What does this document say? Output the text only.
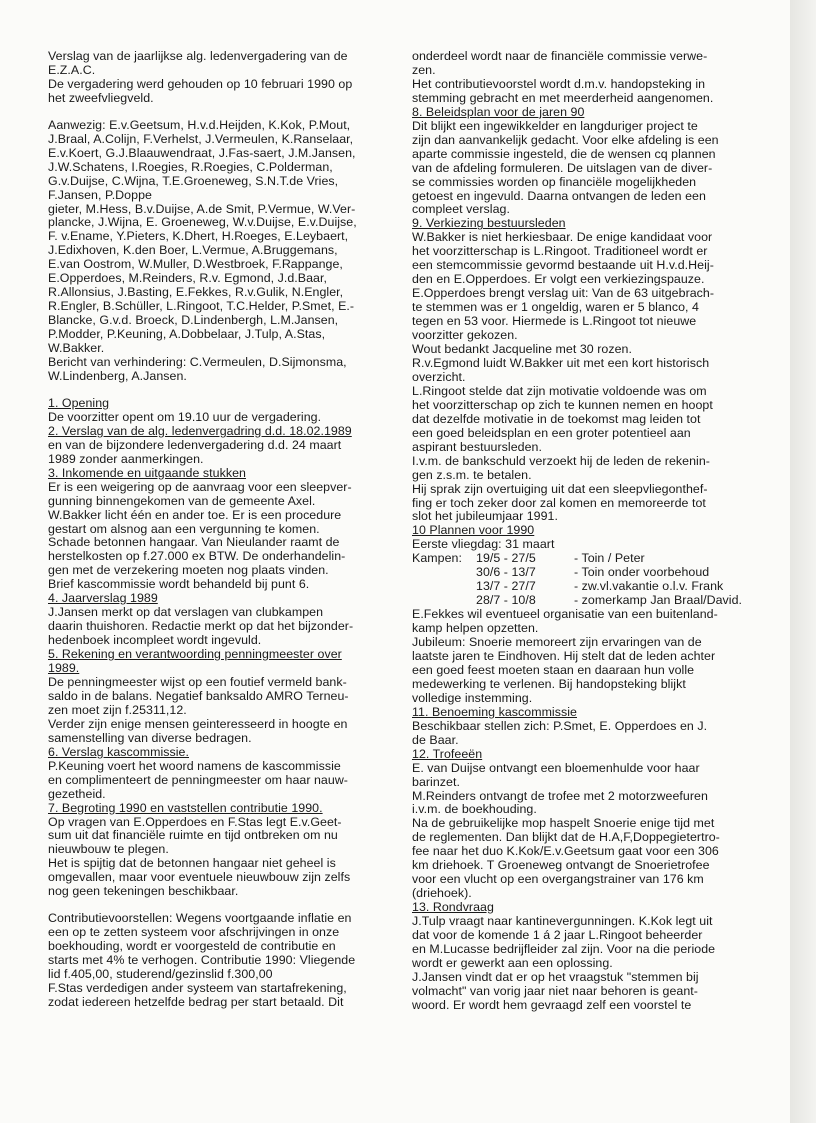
Verslag van de jaarlijkse alg. ledenvergadering van de

E.Z.A.C.

De vergadering werd gehouden op 10 februari 1990 op

het zweefvliegveld.

Aanwezig: E.v.Geetsum, H.v.d.Heijden, K.Kok, P.Mout,

J.Braal, A.Colijn, F.Verhelst, J.Vermeulen, K.Ranselaar,

E.v.Koert, G.J.Blaauwendraat, J.Fas-saert, J.M.Jansen,

J.W.Schatens, I.Roegies, R.Roegies, C.Polderman,

G.v.Duijse, C.Wijna, T.E.Groeneweg, S.N.T.de Vries,

F.Jansen, P.Doppe

gieter, M.Hess, B.v.Duijse, A.de Smit, P.Vermue, W.Ver-

plancke, J.Wijna, E. Groeneweg, W.v.Duijse, E.v.Duijse,

F. v.Ename, Y.Pieters, K.Dhert, H.Roeges, E.Leybaert,

J.Edixhoven, K.den Boer, L.Vermue, A.Bruggemans,

E.van Oostrom, W.Muller, D.Westbroek, F.Rappange,

E.Opperdoes, M.Reinders, R.v. Egmond, J.d.Baar,

R.Allonsius, J.Basting, E.Fekkes, R.v.Gulik, N.Engler,

R.Engler, B.Schüller, L.Ringoot, T.C.Helder, P.Smet, E.-

Blancke, G.v.d. Broeck, D.Lindenbergh, L.M.Jansen,

P.Modder, P.Keuning, A.Dobbelaar, J.Tulp, A.Stas,

W.Bakker.

Bericht van verhindering: C.Vermeulen, D.Sijmonsma,

W.Lindenberg, A.Jansen.

1. Opening

De voorzitter opent om 19.10 uur de vergadering.

2. Verslag van de alg. ledenvergadring d.d. 18.02.1989

en van de bijzondere ledenvergadering d.d. 24 maart

1989 zonder aanmerkingen.

3. Inkomende en uitgaande stukken

Er is een weigering op de aanvraag voor een sleepver-

gunning binnengekomen van de gemeente Axel.

W.Bakker licht één en ander toe. Er is een procedure

gestart om alsnog aan een vergunning te komen.

Schade betonnen hangaar. Van Nieulander raamt de

herstelkosten op f.27.000 ex BTW. De onderhandelin-

gen met de verzekering moeten nog plaats vinden.

Brief kascommissie wordt behandeld bij punt 6.

4. Jaarverslag 1989

J.Jansen merkt op dat verslagen van clubkampen

daarin thuishoren. Redactie merkt op dat het bijzonder-

hedenboek incompleet wordt ingevuld.

5. Rekening en verantwoording penningmeester over

1989.

De penningmeester wijst op een foutief vermeld bank-

saldo in de balans. Negatief banksaldo AMRO Terneu-

zen moet zijn f.25311,12.

Verder zijn enige mensen geinteresseerd in hoogte en

samenstelling van diverse bedragen.

6. Verslag kascommissie.

P.Keuning voert het woord namens de kascommissie

en complimenteert de penningmeester om haar nauw-

gezetheid.

7. Begroting 1990 en vaststellen contributie 1990.

Op vragen van E.Opperdoes en F.Stas legt E.v.Geet-

sum uit dat financiële ruimte en tijd ontbreken om nu

nieuwbouw te plegen.

Het is spijtig dat de betonnen hangaar niet geheel is

omgevallen, maar voor eventuele nieuwbouw zijn zelfs

nog geen tekeningen beschikbaar.

Contributievoorstellen: Wegens voortgaande inflatie en

een op te zetten systeem voor afschrijvingen in onze

boekhouding, wordt er voorgesteld de contributie en

starts met 4% te verhogen. Contributie 1990: Vliegende

lid f.405,00, studerend/gezinslid f.300,00

F.Stas verdedigen ander systeem van startafrekening,

zodat iedereen hetzelfde bedrag per start betaald. Dit

onderdeel wordt naar de financiële commissie verwe-

zen.

Het contributievoorstel wordt d.m.v. handopsteking in

stemming gebracht en met meerderheid aangenomen.

8. Beleidsplan voor de jaren 90

Dit blijkt een ingewikkelder en langduriger project te

zijn dan aanvankelijk gedacht. Voor elke afdeling is een

aparte commissie ingesteld, die de wensen cq plannen

van de afdeling formuleren. De uitslagen van de diver-

se commissies worden op financiële mogelijkheden

getoest en ingevuld. Daarna ontvangen de leden een

compleet verslag.

9. Verkiezing bestuursleden

W.Bakker is niet herkiesbaar. De enige kandidaat voor

het voorzitterschap is L.Ringoot. Traditioneel wordt er

een stemcommissie gevormd bestaande uit H.v.d.Heij-

den en E.Opperdoes. Er volgt een verkiezingspauze.

E.Opperdoes brengt verslag uit: Van de 63 uitgebrach-

te stemmen was er 1 ongeldig, waren er 5 blanco, 4

tegen en 53 voor. Hiermede is L.Ringoot tot nieuwe

voorzitter gekozen.

Wout bedankt Jacqueline met 30 rozen.

R.v.Egmond luidt W.Bakker uit met een kort historisch

overzicht.

L.Ringoot stelde dat zijn motivatie voldoende was om

het voorzitterschap op zich te kunnen nemen en hoopt

dat dezelfde motivatie in de toekomst mag leiden tot

een goed beleidsplan en een groter potentieel aan

aspirant bestuursleden.

I.v.m. de bankschuld verzoekt hij de leden de rekenin-

gen z.s.m. te betalen.

Hij sprak zijn overtuiging uit dat een sleepvliegonthef-

fing er toch zeker door zal komen en memoreerde tot

slot het jubileumjaar 1991.

10 Plannen voor 1990

Eerste vliegdag: 31 maart

Kampen:	19/5 - 27/5	- Toin / Peter
30/6 - 13/7	- Toin onder voorbehoud
13/7 - 27/7	- zw.vl.vakantie o.l.v. Frank
28/7 - 10/8	- zomerkamp Jan Braal/David.

E.Fekkes wil eventueel organisatie van een buitenland-

kamp helpen opzetten.

Jubileum: Snoerie memoreert zijn ervaringen van de

laatste jaren te Eindhoven. Hij stelt dat de leden achter

een goed feest moeten staan en daaraan hun volle

medewerking te verlenen. Bij handopsteking blijkt

volledige instemming.

11. Benoeming kascommissie

Beschikbaar stellen zich: P.Smet, E. Opperdoes en J.

de Baar.

12. Trofeeën

E. van Duijse ontvangt een bloemenhulde voor haar

barinzet.

M.Reinders ontvangt de trofee met 2 motorzweefuren

i.v.m. de boekhouding.

Na de gebruikelijke mop haspelt Snoerie enige tijd met

de reglementen. Dan blijkt dat de H.A,F,Doppegietertro-

fee naar het duo K.Kok/E.v.Geetsum gaat voor een 306

km driehoek. T Groeneweg ontvangt de Snoerietrofee

voor een vlucht op een overgangstrainer van 176 km

(driehoek).

13. Rondvraag

J.Tulp vraagt naar kantinevergunningen. K.Kok legt uit

dat voor de komende 1 á 2 jaar L.Ringoot beheerder

en M.Lucasse bedrijfleider zal zijn. Voor na die periode

wordt er gewerkt aan een oplossing.

J.Jansen vindt dat er op het vraagstuk "stemmen bij

volmacht" van vorig jaar niet naar behoren is geant-

woord. Er wordt hem gevraagd zelf een voorstel te
